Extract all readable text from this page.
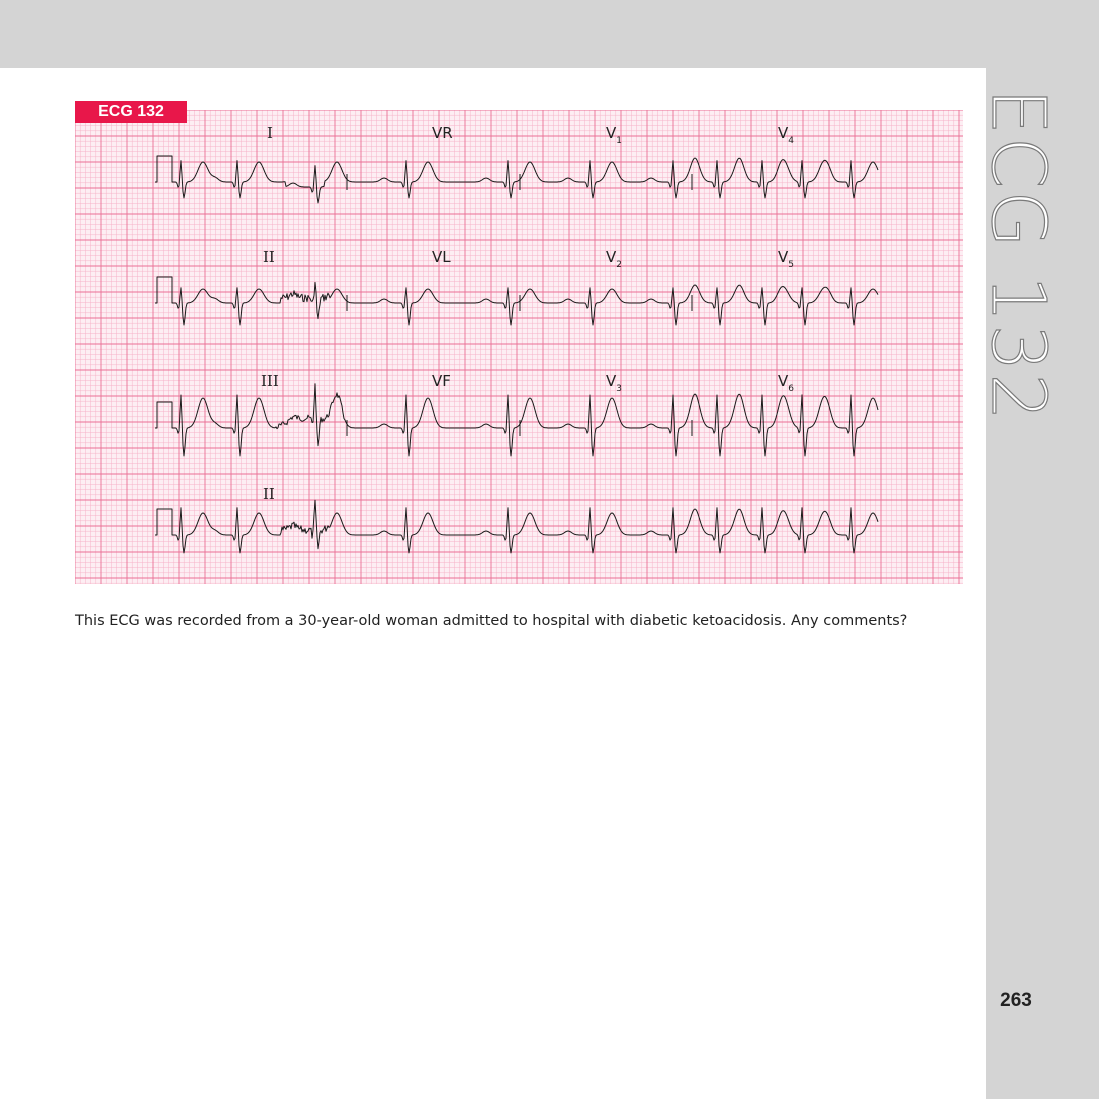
ECG 132
263
I	VR	$V_1$	$V_4$
II	VL	$V_2$	$V_5$
III	VF	$V_3$	$V_6$
II
ECG 132
This ECG was recorded from a 30-year-old woman admitted to hospital with diabetic ketoacidosis. Any comments?
